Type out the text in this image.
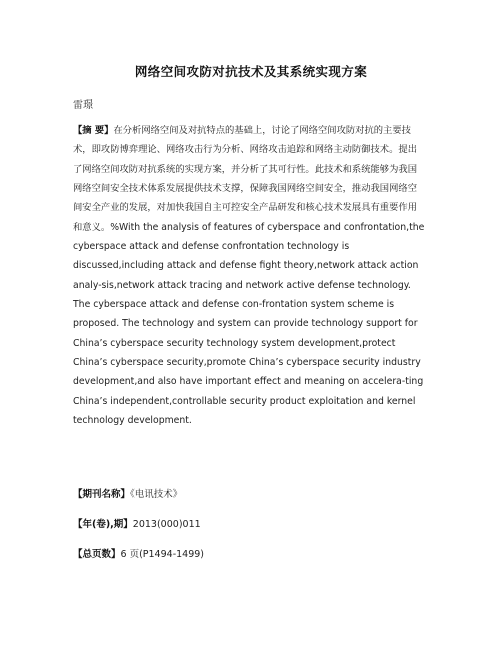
网络空间攻防对抗技术及其系统实现方案

雷璟

【摘 要】在分析网络空间及对抗特点的基础上，讨论了网络空间攻防对抗的主要技术，即攻防博弈理论、网络攻击行为分析、网络攻击追踪和网络主动防御技术。提出了网络空间攻防对抗系统的实现方案，并分析了其可行性。此技术和系统能够为我国网络空间安全技术体系发展提供技术支撑，保障我国网络空间安全，推动我国网络空间安全产业的发展，对加快我国自主可控安全产品研发和核心技术发展具有重要作用和意义。%With the analysis of features of cyberspace and confrontation,the cyberspace attack and defense confrontation technology is discussed,including attack and defense fight theory,network attack action analy-sis,network attack tracing and network active defense technology. The cyberspace attack and defense con-frontation system scheme is proposed. The technology and system can provide technology support for China’s cyberspace security technology system development,protect China’s cyberspace security,promote China’s cyberspace security industry development,and also have important effect and meaning on accelera-ting China’s independent,controllable security product exploitation and kernel technology development.

【期刊名称】《电讯技术》

【年(卷),期】2013(000)011

【总页数】6 页(P1494-1499)
